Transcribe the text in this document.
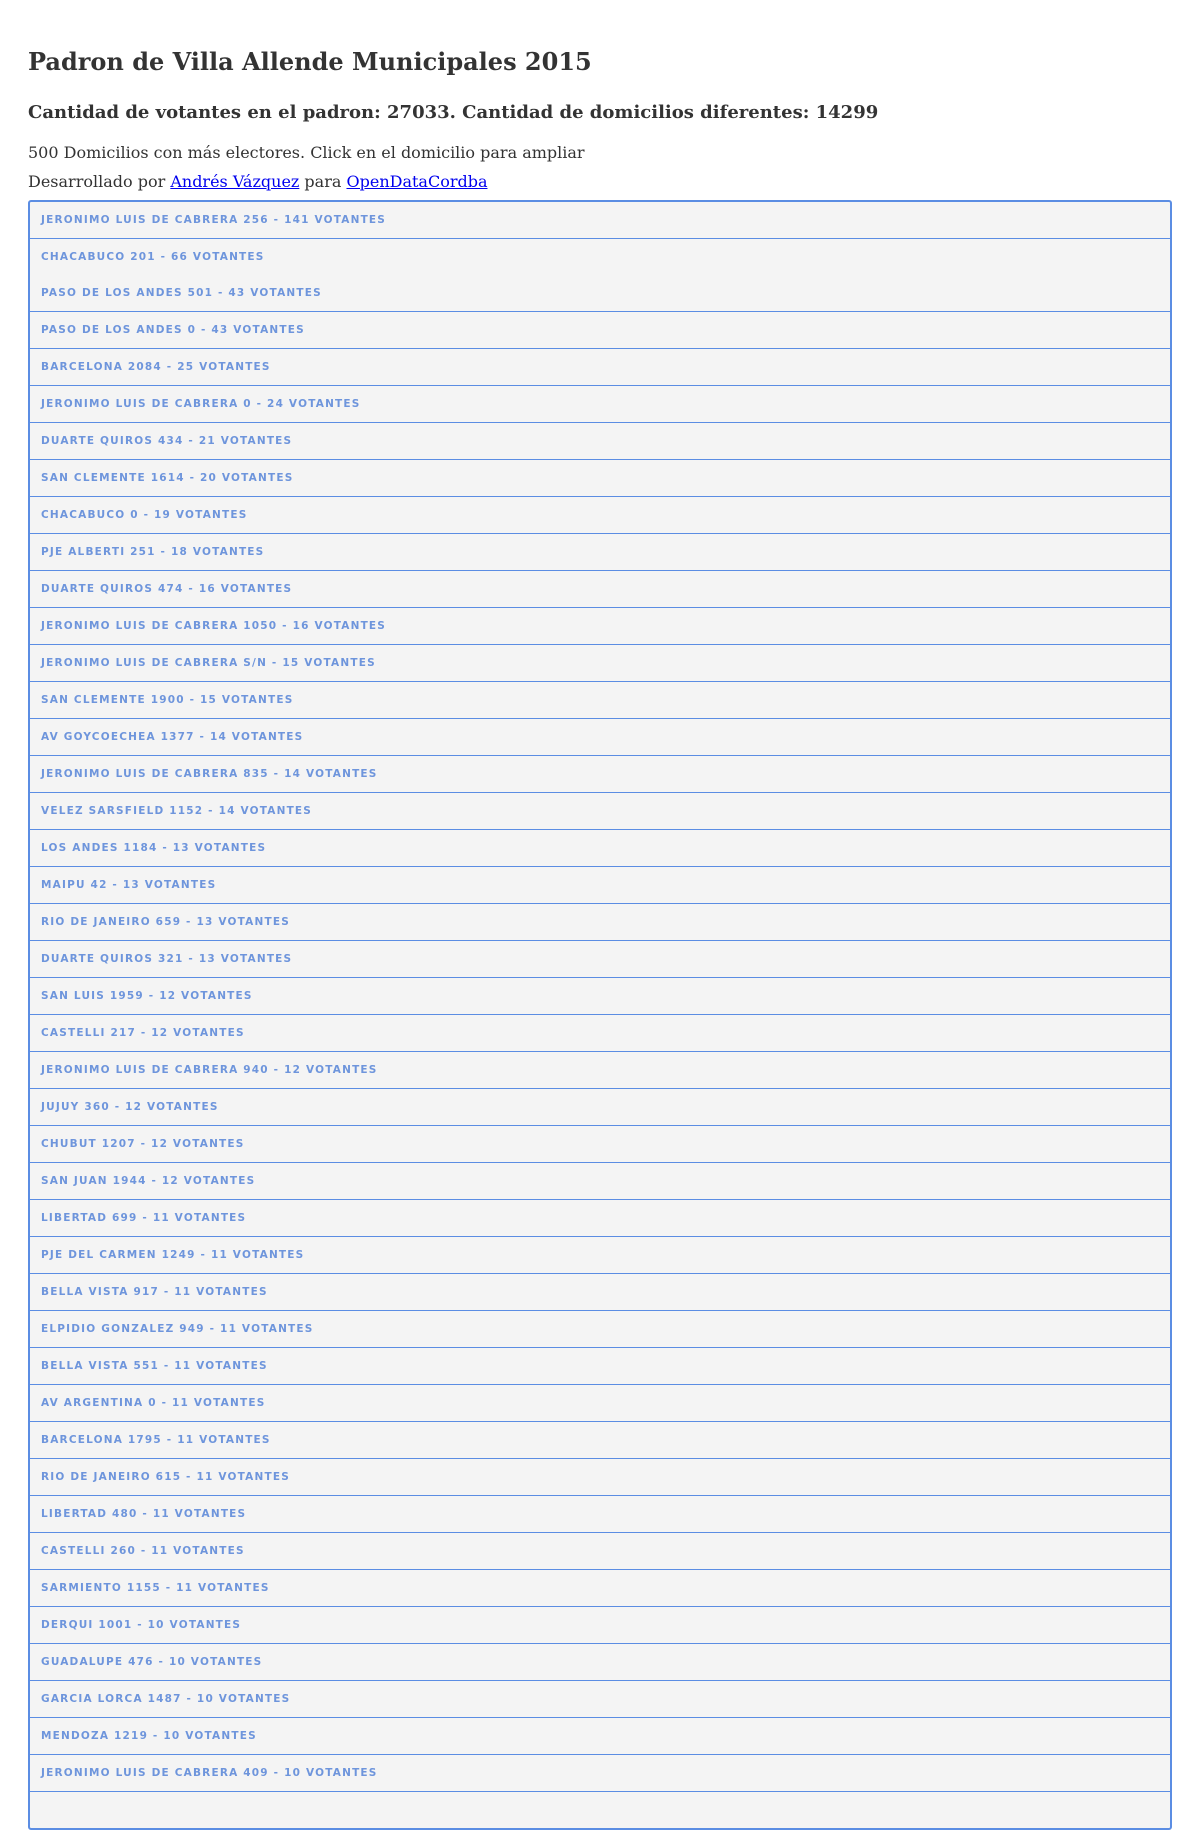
Padron de Villa Allende Municipales 2015
Cantidad de votantes en el padron: 27033. Cantidad de domicilios diferentes: 14299

500 Domicilios con más electores. Click en el domicilio para ampliar

Desarrollado por Andrés Vázquez para OpenDataCordba

JERONIMO LUIS DE CABRERA 256 - 141 VOTANTES
CHACABUCO 201 - 66 VOTANTES
PASO DE LOS ANDES 501 - 43 VOTANTES
PASO DE LOS ANDES 0 - 43 VOTANTES
BARCELONA 2084 - 25 VOTANTES
JERONIMO LUIS DE CABRERA 0 - 24 VOTANTES
DUARTE QUIROS 434 - 21 VOTANTES
SAN CLEMENTE 1614 - 20 VOTANTES
CHACABUCO 0 - 19 VOTANTES
PJE ALBERTI 251 - 18 VOTANTES
DUARTE QUIROS 474 - 16 VOTANTES
JERONIMO LUIS DE CABRERA 1050 - 16 VOTANTES
JERONIMO LUIS DE CABRERA S/N - 15 VOTANTES
SAN CLEMENTE 1900 - 15 VOTANTES
AV GOYCOECHEA 1377 - 14 VOTANTES
JERONIMO LUIS DE CABRERA 835 - 14 VOTANTES
VELEZ SARSFIELD 1152 - 14 VOTANTES
LOS ANDES 1184 - 13 VOTANTES
MAIPU 42 - 13 VOTANTES
RIO DE JANEIRO 659 - 13 VOTANTES
DUARTE QUIROS 321 - 13 VOTANTES
SAN LUIS 1959 - 12 VOTANTES
CASTELLI 217 - 12 VOTANTES
JERONIMO LUIS DE CABRERA 940 - 12 VOTANTES
JUJUY 360 - 12 VOTANTES
CHUBUT 1207 - 12 VOTANTES
SAN JUAN 1944 - 12 VOTANTES
LIBERTAD 699 - 11 VOTANTES
PJE DEL CARMEN 1249 - 11 VOTANTES
BELLA VISTA 917 - 11 VOTANTES
ELPIDIO GONZALEZ 949 - 11 VOTANTES
BELLA VISTA 551 - 11 VOTANTES
AV ARGENTINA 0 - 11 VOTANTES
BARCELONA 1795 - 11 VOTANTES
RIO DE JANEIRO 615 - 11 VOTANTES
LIBERTAD 480 - 11 VOTANTES
CASTELLI 260 - 11 VOTANTES
SARMIENTO 1155 - 11 VOTANTES
DERQUI 1001 - 10 VOTANTES
GUADALUPE 476 - 10 VOTANTES
GARCIA LORCA 1487 - 10 VOTANTES
MENDOZA 1219 - 10 VOTANTES
JERONIMO LUIS DE CABRERA 409 - 10 VOTANTES
